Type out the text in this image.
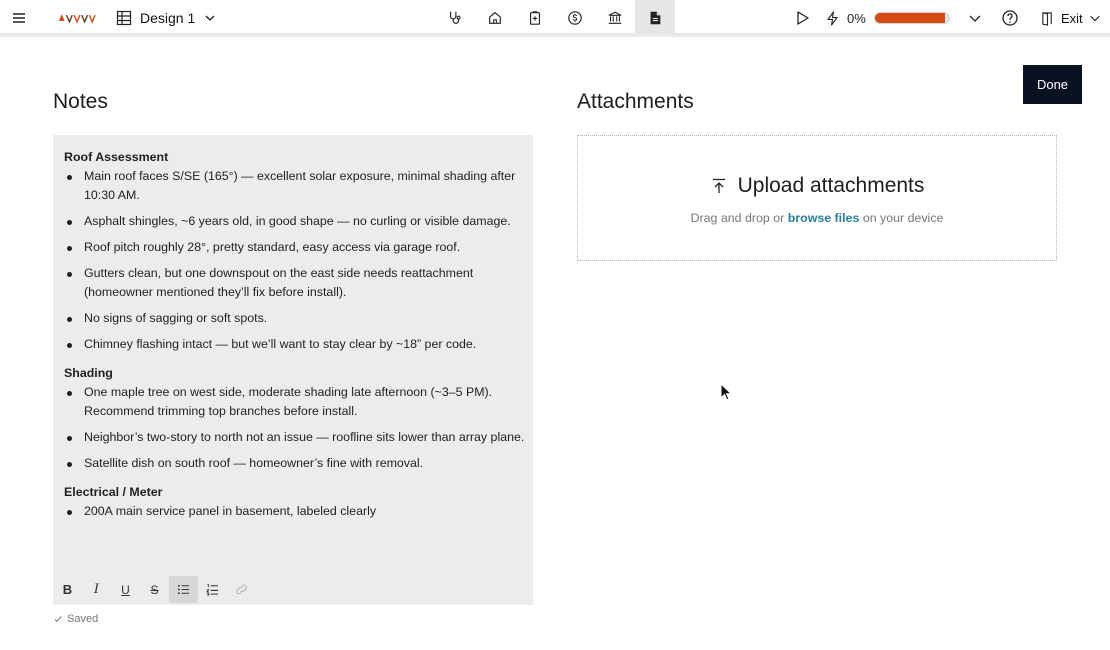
Design 1	0%	Exit
Done
Notes	Attachments
Roof Assessment
Main roof faces S/SE (165°) — excellent solar exposure, minimal shading after 10:30 AM.
Asphalt shingles, ~6 years old, in good shape — no curling or visible damage.
Roof pitch roughly 28°, pretty standard, easy access via garage roof.
Gutters clean, but one downspout on the east side needs reattachment (homeowner mentioned they’ll fix before install).
No signs of sagging or soft spots.
Chimney flashing intact — but we’ll want to stay clear by ~18” per code.
Shading
One maple tree on west side, moderate shading late afternoon (~3–5 PM). Recommend trimming top branches before install.
Neighbor’s two-story to north not an issue — roofline sits lower than array plane.
Satellite dish on south roof — homeowner’s fine with removal.
Electrical / Meter
200A main service panel in basement, labeled clearly
B	I	U	S
Saved
Upload attachments
Drag and drop or browse files on your device
